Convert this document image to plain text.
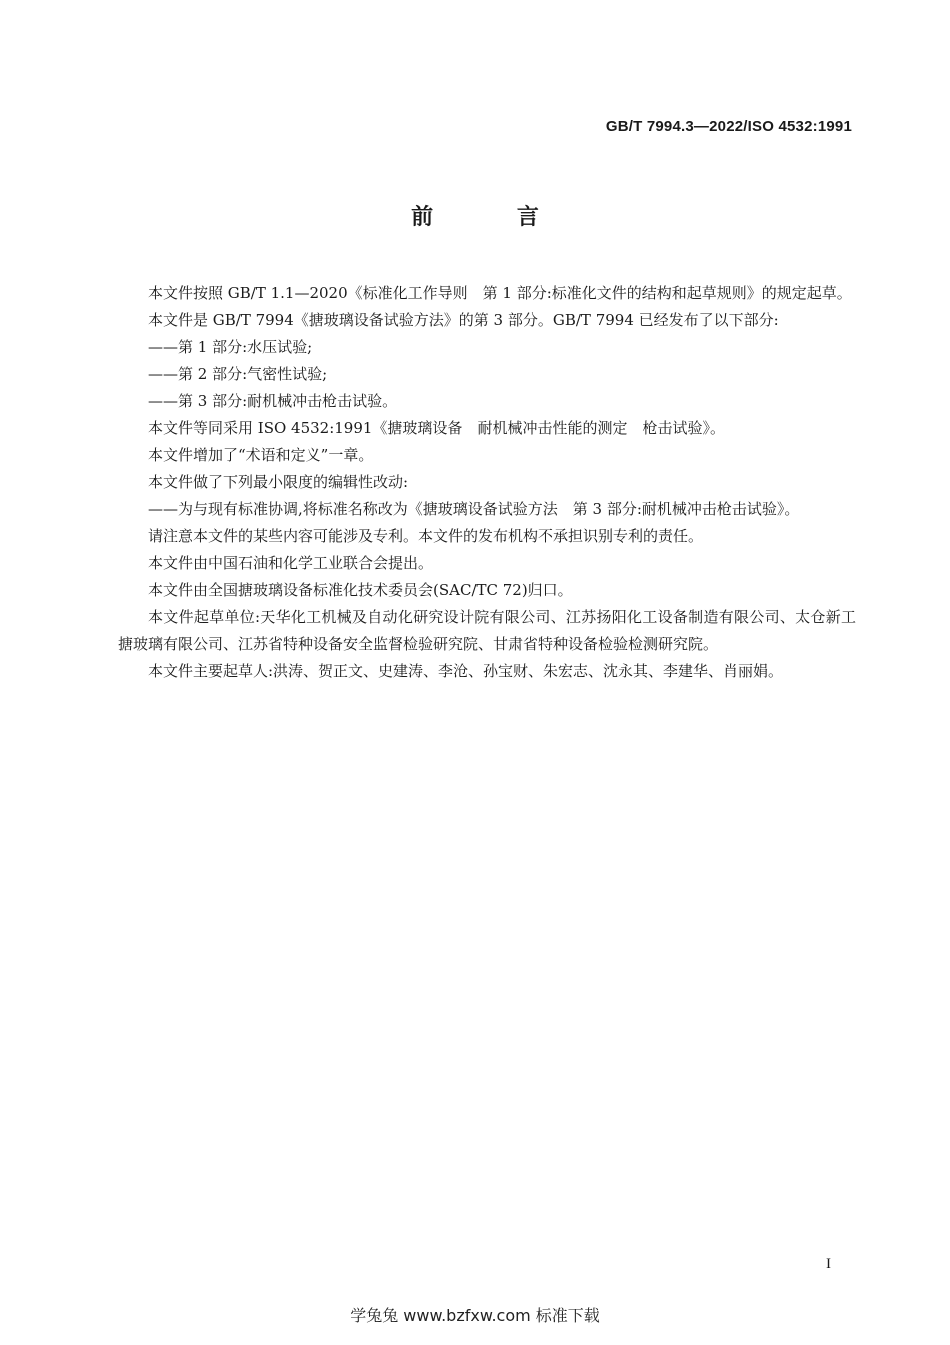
GB/T 7994.3—2022/ISO 4532:1991
前 言

本文件按照 GB/T 1.1—2020《标准化工作导则　第 1 部分:标准化文件的结构和起草规则》的规定起草。

本文件是 GB/T 7994《搪玻璃设备试验方法》的第 3 部分。GB/T 7994 已经发布了以下部分:

——第 1 部分:水压试验;

——第 2 部分:气密性试验;

——第 3 部分:耐机械冲击枪击试验。

本文件等同采用 ISO 4532:1991《搪玻璃设备　耐机械冲击性能的测定　枪击试验》。

本文件增加了“术语和定义”一章。

本文件做了下列最小限度的编辑性改动:

——为与现有标准协调,将标准名称改为《搪玻璃设备试验方法　第 3 部分:耐机械冲击枪击试验》。

请注意本文件的某些内容可能涉及专利。本文件的发布机构不承担识别专利的责任。

本文件由中国石油和化学工业联合会提出。

本文件由全国搪玻璃设备标准化技术委员会(SAC/TC 72)归口。

本文件起草单位:天华化工机械及自动化研究设计院有限公司、江苏扬阳化工设备制造有限公司、太仓新工搪玻璃有限公司、江苏省特种设备安全监督检验研究院、甘肃省特种设备检验检测研究院。

本文件主要起草人:洪涛、贺正文、史建涛、李沧、孙宝财、朱宏志、沈永其、李建华、肖丽娟。

I
学兔兔 www.bzfxw.com 标准下载
